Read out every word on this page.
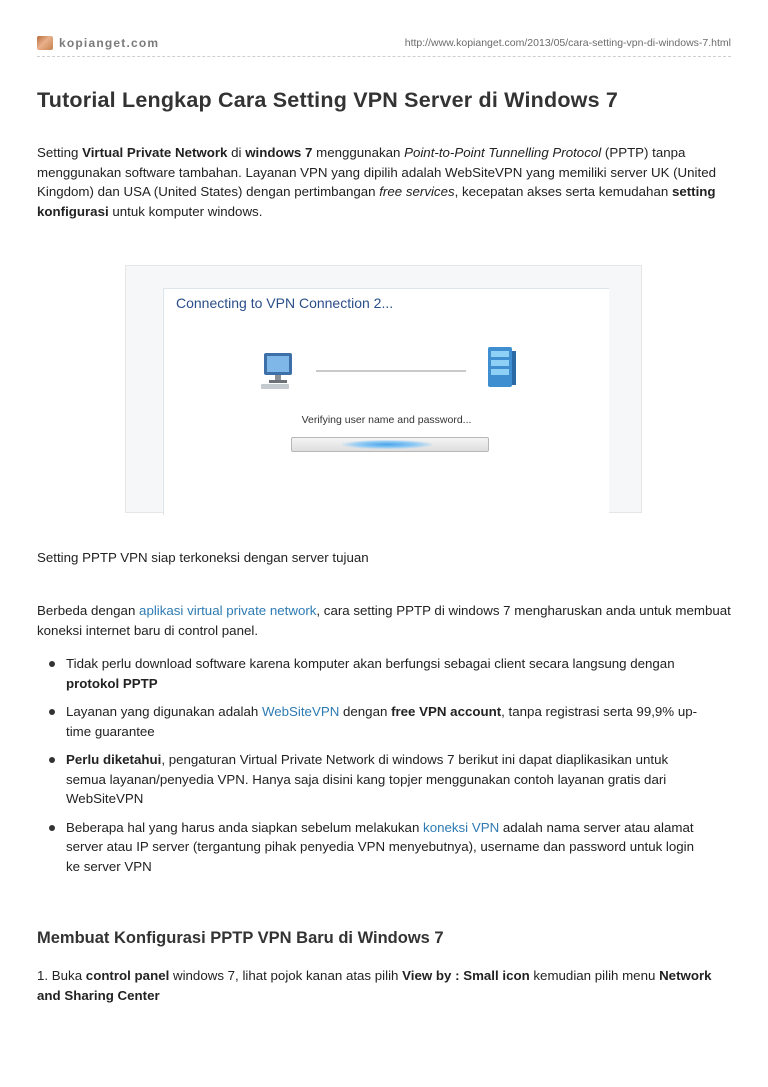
kopianget.com	http://www.kopianget.com/2013/05/cara-setting-vpn-di-windows-7.html
Tutorial Lengkap Cara Setting VPN Server di Windows 7

Setting Virtual Private Network di windows 7 menggunakan Point-to-Point Tunnelling Protocol (PPTP) tanpa menggunakan software tambahan. Layanan VPN yang dipilih adalah WebSiteVPN yang memiliki server UK (United Kingdom) dan USA (United States) dengan pertimbangan free services, kecepatan akses serta kemudahan setting konfigurasi untuk komputer windows.

Connecting to VPN Connection 2...
Verifying user name and password...

Setting PPTP VPN siap terkoneksi dengan server tujuan

Berbeda dengan aplikasi virtual private network, cara setting PPTP di windows 7 mengharuskan anda untuk membuat koneksi internet baru di control panel.

Tidak perlu download software karena komputer akan berfungsi sebagai client secara langsung dengan protokol PPTP
Layanan yang digunakan adalah WebSiteVPN dengan free VPN account, tanpa registrasi serta 99,9% up-time guarantee
Perlu diketahui, pengaturan Virtual Private Network di windows 7 berikut ini dapat diaplikasikan untuk semua layanan/penyedia VPN. Hanya saja disini kang topjer menggunakan contoh layanan gratis dari WebSiteVPN
Beberapa hal yang harus anda siapkan sebelum melakukan koneksi VPN adalah nama server atau alamat server atau IP server (tergantung pihak penyedia VPN menyebutnya), username dan password untuk login ke server VPN
Membuat Konfigurasi PPTP VPN Baru di Windows 7

1. Buka control panel windows 7, lihat pojok kanan atas pilih View by : Small icon kemudian pilih menu Network and Sharing Center
